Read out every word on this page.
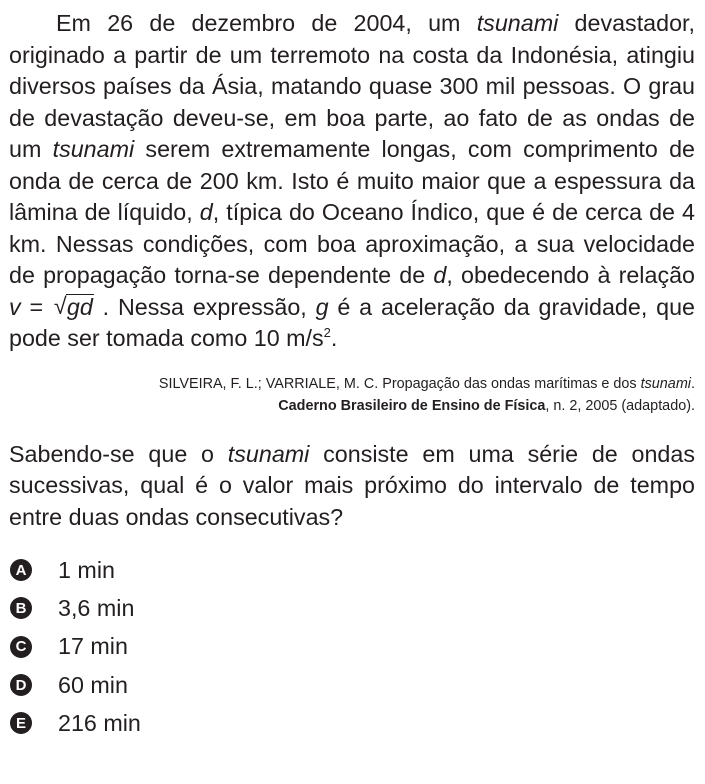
Em 26 de dezembro de 2004, um tsunami devastador, originado a partir de um terremoto na costa da Indonésia, atingiu diversos países da Ásia, matando quase 300 mil pessoas. O grau de devastação deveu-se, em boa parte, ao fato de as ondas de um tsunami serem extremamente longas, com comprimento de onda de cerca de 200 km. Isto é muito maior que a espessura da lâmina de líquido, d, típica do Oceano Índico, que é de cerca de 4 km. Nessas condições, com boa aproximação, a sua velocidade de propagação torna-se dependente de d, obedecendo à relação v = √ gd . Nessa expressão, g é a aceleração da gravidade, que pode ser tomada como 10 $m/s^2$.

SILVEIRA, F. L.; VARRIALE, M. C. Propagação das ondas marítimas e dos tsunami.
Caderno Brasileiro de Ensino de Física, n. 2, 2005 (adaptado).

Sabendo-se que o tsunami consiste em uma série de ondas sucessivas, qual é o valor mais próximo do intervalo de tempo entre duas ondas consecutivas?

A 1 min
B 3,6 min
C 17 min
D 60 min
E 216 min
